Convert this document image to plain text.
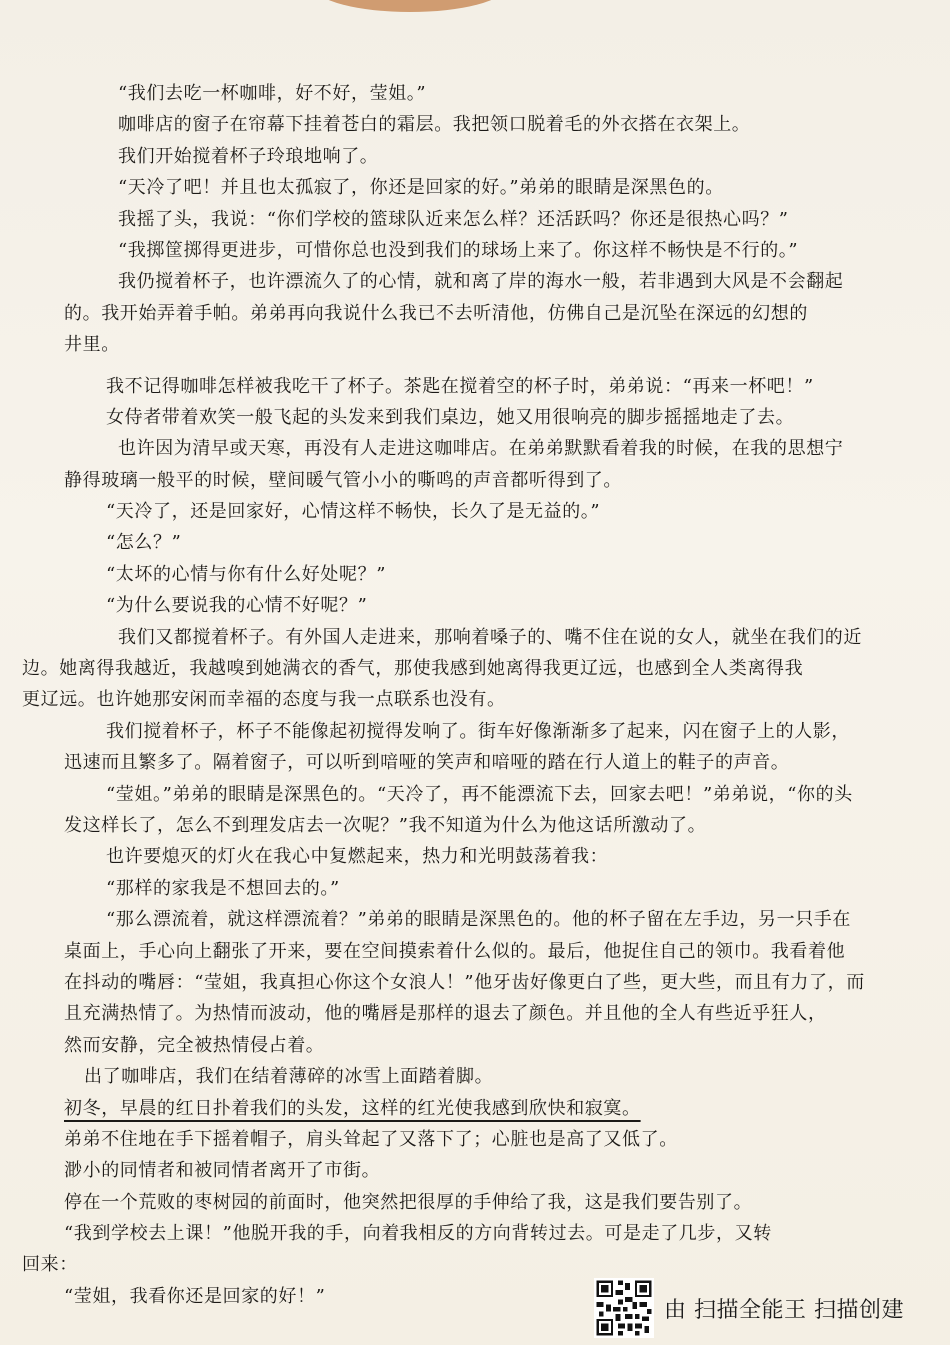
“我们去吃一杯咖啡，好不好，莹姐。”
咖啡店的窗子在帘幕下挂着苍白的霜层。我把领口脱着毛的外衣搭在衣架上。
我们开始搅着杯子玲琅地响了。
“天冷了吧！并且也太孤寂了，你还是回家的好。”弟弟的眼睛是深黑色的。
我摇了头，我说：“你们学校的篮球队近来怎么样？还活跃吗？你还是很热心吗？”
“我掷筐掷得更进步，可惜你总也没到我们的球场上来了。你这样不畅快是不行的。”
我仍搅着杯子，也许漂流久了的心情，就和离了岸的海水一般，若非遇到大风是不会翻起
的。我开始弄着手帕。弟弟再向我说什么我已不去听清他，仿佛自己是沉坠在深远的幻想的
井里。
我不记得咖啡怎样被我吃干了杯子。茶匙在搅着空的杯子时，弟弟说：“再来一杯吧！”
女侍者带着欢笑一般飞起的头发来到我们桌边，她又用很响亮的脚步摇摇地走了去。
也许因为清早或天寒，再没有人走进这咖啡店。在弟弟默默看着我的时候，在我的思想宁
静得玻璃一般平的时候，壁间暖气管小小的嘶鸣的声音都听得到了。
“天冷了，还是回家好，心情这样不畅快，长久了是无益的。”
“怎么？”
“太坏的心情与你有什么好处呢？”
“为什么要说我的心情不好呢？”
我们又都搅着杯子。有外国人走进来，那响着嗓子的、嘴不住在说的女人，就坐在我们的近
边。她离得我越近，我越嗅到她满衣的香气，那使我感到她离得我更辽远，也感到全人类离得我
更辽远。也许她那安闲而幸福的态度与我一点联系也没有。
我们搅着杯子，杯子不能像起初搅得发响了。街车好像渐渐多了起来，闪在窗子上的人影，
迅速而且繁多了。隔着窗子，可以听到喑哑的笑声和喑哑的踏在行人道上的鞋子的声音。
“莹姐。”弟弟的眼睛是深黑色的。“天冷了，再不能漂流下去，回家去吧！”弟弟说，“你的头
发这样长了，怎么不到理发店去一次呢？”我不知道为什么为他这话所激动了。
也许要熄灭的灯火在我心中复燃起来，热力和光明鼓荡着我：
“那样的家我是不想回去的。”
“那么漂流着，就这样漂流着？”弟弟的眼睛是深黑色的。他的杯子留在左手边，另一只手在
桌面上，手心向上翻张了开来，要在空间摸索着什么似的。最后，他捉住自己的领巾。我看着他
在抖动的嘴唇：“莹姐，我真担心你这个女浪人！”他牙齿好像更白了些，更大些，而且有力了，而
且充满热情了。为热情而波动，他的嘴唇是那样的退去了颜色。并且他的全人有些近乎狂人，
然而安静，完全被热情侵占着。
出了咖啡店，我们在结着薄碎的冰雪上面踏着脚。
初冬，早晨的红日扑着我们的头发，这样的红光使我感到欣快和寂寞。
弟弟不住地在手下摇着帽子，肩头耸起了又落下了；心脏也是高了又低了。
渺小的同情者和被同情者离开了市街。
停在一个荒败的枣树园的前面时，他突然把很厚的手伸给了我，这是我们要告别了。
“我到学校去上课！”他脱开我的手，向着我相反的方向背转过去。可是走了几步，又转
回来：
“莹姐，我看你还是回家的好！”
由 扫描全能王 扫描创建
